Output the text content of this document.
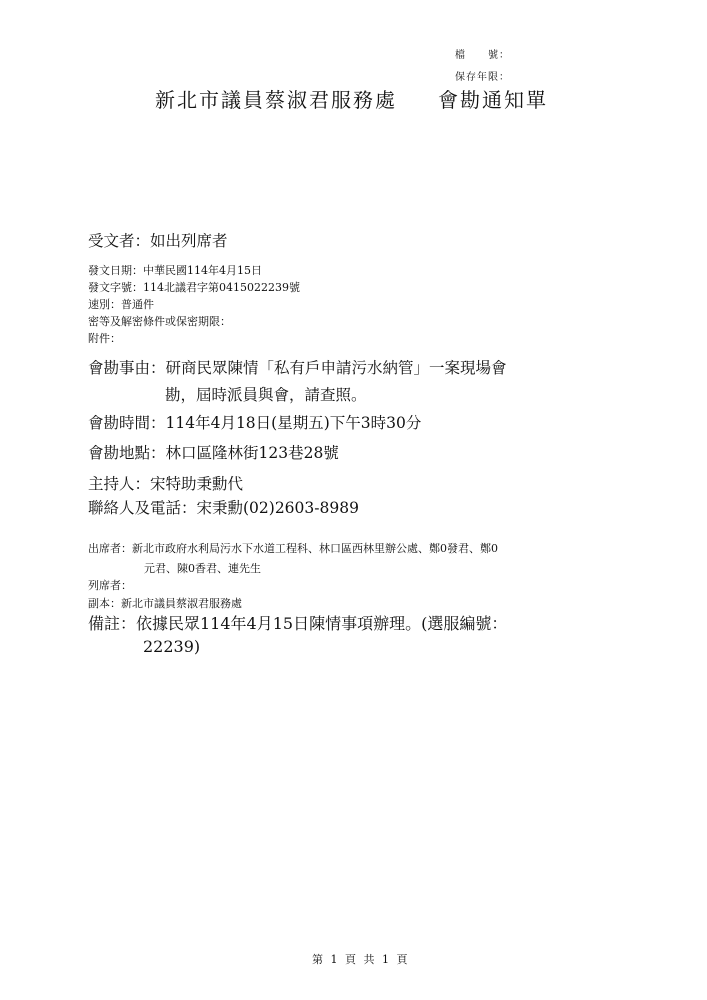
檔　　號：
保存年限：
新北市議員蔡淑君服務處 會勘通知單
受文者：如出列席者
發文日期：中華民國114年4月15日
發文字號：114北議君字第0415022239號
速別：普通件
密等及解密條件或保密期限：
附件：
會勘事由：研商民眾陳情「私有戶申請污水納管」一案現場會
勘，屆時派員與會，請查照。
會勘時間：114年4月18日(星期五)下午3時30分
會勘地點：林口區隆林街123巷28號
主持人：宋特助秉勳代
聯絡人及電話：宋秉勳(02)2603-8989
出席者：新北市政府水利局污水下水道工程科、林口區西林里辦公處、鄭0發君、鄭0
元君、陳0香君、連先生
列席者：
副本：新北市議員蔡淑君服務處
備註：依據民眾114年4月15日陳情事項辦理。(選服編號：
22239)
第 1 頁 共 1 頁
